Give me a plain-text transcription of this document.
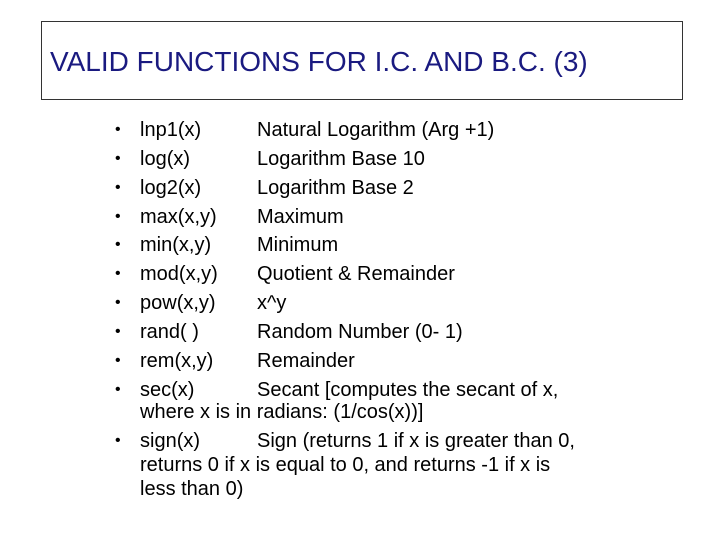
VALID FUNCTIONS FOR I.C. AND B.C. (3)
• lnp1(x)	Natural Logarithm (Arg +1)
• log(x)	Logarithm Base 10
• log2(x)	Logarithm Base 2
• max(x,y) Maximum
• min(x,y) Minimum
• mod(x,y) Quotient & Remainder
• pow(x,y) x^y
• rand( )	Random Number (0- 1)
• rem(x,y) Remainder
• sec(x)	Secant [computes the secant of x,
where x is in radians: (1/cos(x))]
• sign(x)	Sign (returns 1 if x is greater than 0,
returns 0 if x is equal to 0, and returns -1 if x is
less than 0)
